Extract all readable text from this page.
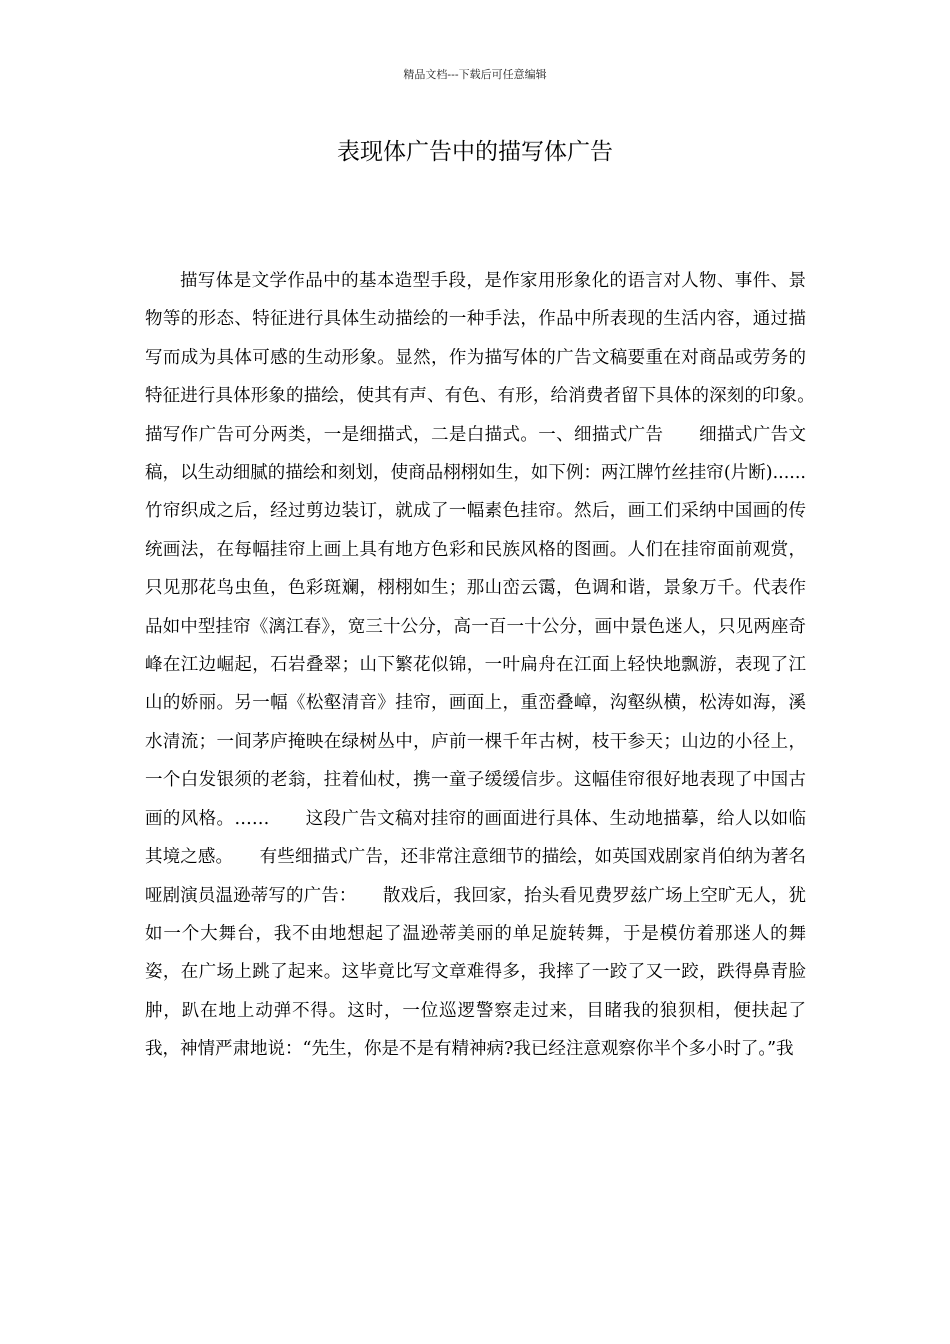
精品文档---下载后可任意编辑
表现体广告中的描写体广告

描写体是文学作品中的基本造型手段，是作家用形象化的语言对人物、事件、景物等的形态、特征进行具体生动描绘的一种手法，作品中所表现的生活内容，通过描写而成为具体可感的生动形象。显然，作为描写体的广告文稿要重在对商品或劳务的特征进行具体形象的描绘，使其有声、有色、有形，给消费者留下具体的深刻的印象。　　描写作广告可分两类，一是细描式，二是白描式。一、细描式广告　　细描式广告文稿，以生动细腻的描绘和刻划，使商品栩栩如生，如下例：两江牌竹丝挂帘(片断)......　竹帘织成之后，经过剪边装订，就成了一幅素色挂帘。然后，画工们采纳中国画的传统画法，在每幅挂帘上画上具有地方色彩和民族风格的图画。人们在挂帘面前观赏，只见那花鸟虫鱼，色彩斑斓，栩栩如生；那山峦云霭，色调和谐，景象万千。代表作品如中型挂帘《漓江春》，宽三十公分，高一百一十公分，画中景色迷人，只见两座奇峰在江边崛起，石岩叠翠；山下繁花似锦，一叶扁舟在江面上轻快地飘游，表现了江山的娇丽。另一幅《松壑清音》挂帘，画面上，重峦叠嶂，沟壑纵横，松涛如海，溪水清流；一间茅庐掩映在绿树丛中，庐前一棵千年古树，枝干参天；山边的小径上，一个白发银须的老翁，拄着仙杖，携一童子缓缓信步。这幅佳帘很好地表现了中国古画的风格。……　　这段广告文稿对挂帘的画面进行具体、生动地描摹，给人以如临其境之感。　　有些细描式广告，还非常注意细节的描绘，如英国戏剧家肖伯纳为著名哑剧演员温逊蒂写的广告：　　散戏后，我回家，抬头看见费罗兹广场上空旷无人，犹如一个大舞台，我不由地想起了温逊蒂美丽的单足旋转舞，于是模仿着那迷人的舞姿，在广场上跳了起来。这毕竟比写文章难得多，我摔了一跤了又一跤，跌得鼻青脸肿，趴在地上动弹不得。这时，一位巡逻警察走过来，目睹我的狼狈相，便扶起了我，神情严肃地说：“先生，你是不是有精神病?我已经注意观察你半个多小时了。”我
